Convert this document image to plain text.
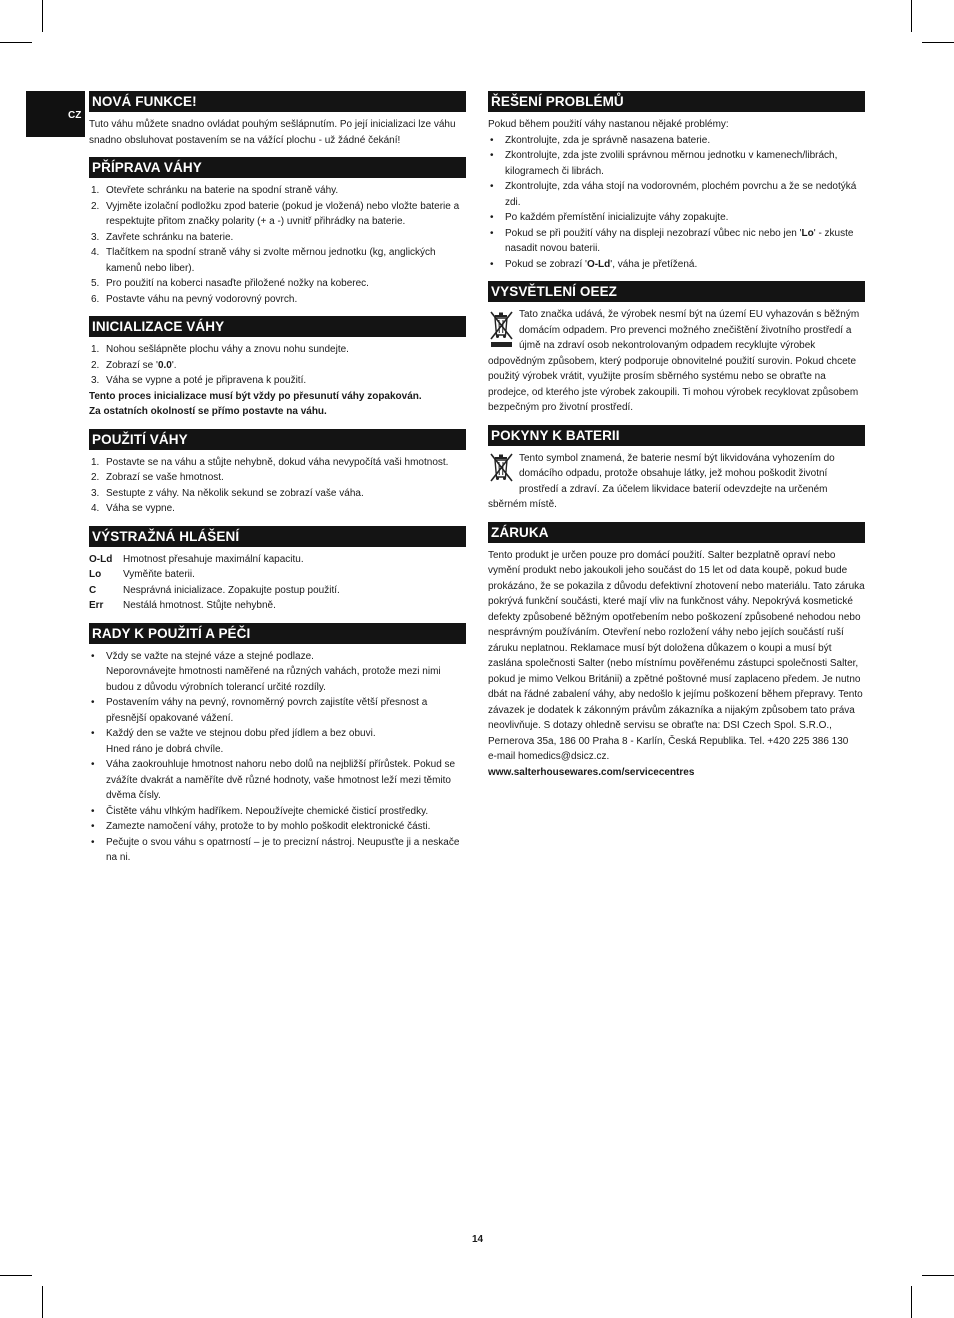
CZ
NOVÁ FUNKCE!

Tuto váhu můžete snadno ovládat pouhým sešlápnutím. Po její inicializaci lze váhu snadno obsluhovat postavením se na vážící plochu - už žádné čekání!

PŘÍPRAVA VÁHY
1. Otevřete schránku na baterie na spodní straně váhy.
2. Vyjměte izolační podložku zpod baterie (pokud je vložená) nebo vložte baterie a respektujte přitom značky polarity (+ a -) uvnitř přihrádky na baterie.
3. Zavřete schránku na baterie.
4. Tlačítkem na spodní straně váhy si zvolte měrnou jednotku (kg, anglických kamenů nebo liber).
5. Pro použití na koberci nasaďte přiložené nožky na koberec.
6. Postavte váhu na pevný vodorovný povrch.
INICIALIZACE VÁHY
1. Nohou sešlápněte plochu váhy a znovu nohu sundejte.
2. Zobrazí se '0.0'.
3. Váha se vypne a poté je připravena k použití.

Tento proces inicializace musí být vždy po přesunutí váhy zopakován.

Za ostatních okolností se přímo postavte na váhu.

POUŽITÍ VÁHY
1. Postavte se na váhu a stůjte nehybně, dokud váha nevypočítá vaši hmotnost.
2. Zobrazí se vaše hmotnost.
3. Sestupte z váhy. Na několik sekund se zobrazí vaše váha.
4. Váha se vypne.
VÝSTRAŽNÁ HLÁŠENÍ
O-Ld	Hmotnost přesahuje maximální kapacitu.
Lo	Vyměňte baterii.
C	Nesprávná inicializace. Zopakujte postup použití.
Err	Nestálá hmotnost. Stůjte nehybně.
RADY K POUŽITÍ A PÉČI
• Vždy se važte na stejné váze a stejné podlaze.
Neporovnávejte hmotnosti naměřené na různých vahách, protože mezi nimi budou z důvodu výrobních tolerancí určité rozdíly.
• Postavením váhy na pevný, rovnoměrný povrch zajistíte větší přesnost a přesnější opakované vážení.
• Každý den se važte ve stejnou dobu před jídlem a bez obuvi.
Hned ráno je dobrá chvíle.
• Váha zaokrouhluje hmotnost nahoru nebo dolů na nejbližší přírůstek. Pokud se zvážíte dvakrát a naměříte dvě různé hodnoty, vaše hmotnost leží mezi těmito dvěma čísly.
• Čistěte váhu vlhkým hadříkem. Nepoužívejte chemické čisticí prostředky.
• Zamezte namočení váhy, protože to by mohlo poškodit elektronické části.
• Pečujte o svou váhu s opatrností – je to precizní nástroj. Neupusťte ji a neskače na ni.
ŘEŠENÍ PROBLÉMŮ

Pokud během použití váhy nastanou nějaké problémy:

• Zkontrolujte, zda je správně nasazena baterie.
• Zkontrolujte, zda jste zvolili správnou měrnou jednotku v kamenech/librách, kilogramech či librách.
• Zkontrolujte, zda váha stojí na vodorovném, plochém povrchu a že se nedotýká zdi.
• Po každém přemístění inicializujte váhy zopakujte.
• Pokud se při použití váhy na displeji nezobrazí vůbec nic nebo jen 'Lo' - zkuste nasadit novou baterii.
• Pokud se zobrazí 'O-Ld', váha je přetížená.
VYSVĚTLENÍ OEEZ
Tato značka udává, že výrobek nesmí být na území EU vyhazován s běžným domácím odpadem. Pro prevenci možného znečištění životního prostředí a újmě na zdraví osob nekontrolovaným odpadem recyklujte výrobek odpovědným způsobem, který podporuje obnovitelné použití surovin. Pokud chcete použitý výrobek vrátit, využijte prosím sběrného systému nebo se obraťte na prodejce, od kterého jste výrobek zakoupili. Ti mohou výrobek recyklovat způsobem bezpečným pro životní prostředí.
POKYNY K BATERII
Tento symbol znamená, že baterie nesmí být likvidována vyhozením do domácího odpadu, protože obsahuje látky, jež mohou poškodit životní prostředí a zdraví. Za účelem likvidace baterií odevzdejte na určeném sběrném místě.
ZÁRUKA

Tento produkt je určen pouze pro domácí použití. Salter bezplatně opraví nebo vymění produkt nebo jakoukoli jeho součást do 15 let od data koupě, pokud bude prokázáno, že se pokazila z důvodu defektivní zhotovení nebo materiálu. Tato záruka pokrývá funkční součásti, které mají vliv na funkčnost váhy. Nepokrývá kosmetické defekty způsobené běžným opotřebením nebo poškození způsobené nehodou nebo nesprávným používáním. Otevření nebo rozložení váhy nebo jejích součástí ruší záruku neplatnou. Reklamace musí být doložena důkazem o koupi a musí být zaslána společnosti Salter (nebo místnímu pověřenému zástupci společnosti Salter, pokud je mimo Velkou Británii) a zpětné poštovné musí zaplaceno předem. Je nutno dbát na řádné zabalení váhy, aby nedošlo k jejímu poškození během přepravy. Tento závazek je dodatek k zákonným právům zákazníka a nijakým způsobem tato práva neovlivňuje. S dotazy ohledně servisu se obraťte na: DSI Czech Spol. S.R.O., Pernerova 35a, 186 00 Praha 8 - Karlín, Česká Republika. Tel. +420 225 386 130

e-mail homedics@dsicz.cz.

www.salterhousewares.com/servicecentres

14
